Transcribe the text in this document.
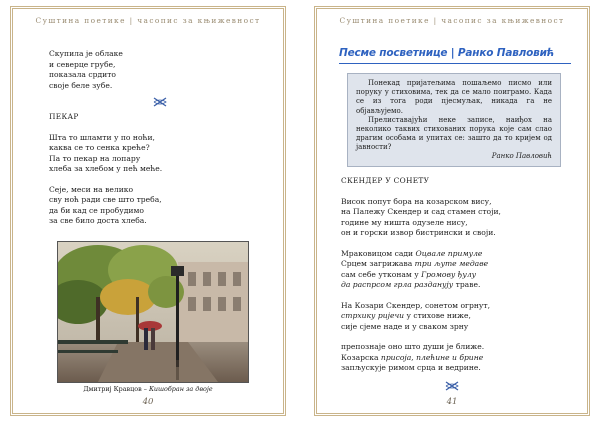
Суштина поетике | часопис за књижевност

Скупила је облаке

и северце грубе,

показала срдито

своје беле зубе.

ПЕКАР

Шта то шламти у по ноћи,

каква се то сенка креће?

Па то пекар на лопару

хлеба за хлебом у пећ меће.

Сеје, меси на велико

сву ноћ ради све што треба,

да би кад се пробудимо

за све било доста хлеба.

Дмитриј Кравцов – Кишобран за двоје
40
Суштина поетике | часопис за књижевност
Песме посветнице | Ранко Павловић

Понекад пријатељима пошаљемо писмо или поруку у стиховима, тек да се мало поиграмо. Када се из тога роди пјесмуљак, никада га не објављујемо.

Прелиставајући неке записе, наиђох на неколико таквих стихованих порука које сам слао драгим особама и упитах се: зашто да то кријем од јавности?

Ранко Павловић

СКЕНДЕР У СОНЕТУ

Висок попут бора на козарском вису,

на Палежу Скендер и сад стамен стоји,

године му ништа одузеле нису,

он и горски извор бистрински и своји.

Мраковицом сади Оцвале примуле

Срцем загрижава три љуте медаве

сам себе утконам у Громову ђулу

да распрсом грла разданују траве.

На Козари Скендер, сонетом огрнут,

стрхику ријечи у стихове ниже,

сије сјеме наде и у сваком зрну

препознаје оно што души је ближе.

Козарска присоја, плећине и брине

запљускује римом срца и ведрине.

41
